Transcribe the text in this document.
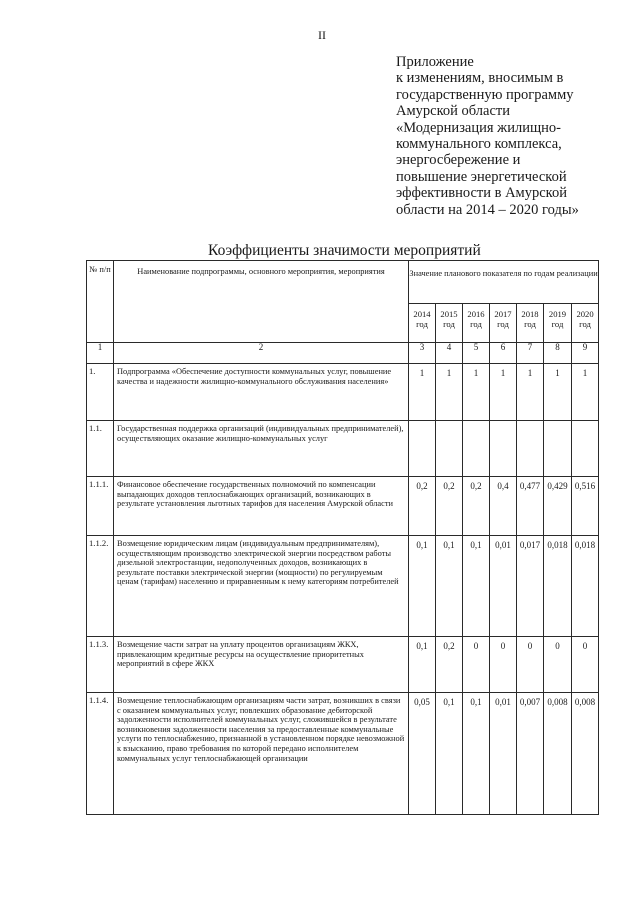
II
Приложение
к изменениям, вносимым в
государственную программу
Амурской области
«Модернизация жилищно-
коммунального комплекса,
энергосбережение и
повышение энергетической
эффективности в Амурской
области на 2014 – 2020 годы»
Коэффициенты значимости мероприятий
№ п/п	Наименование подпрограммы, основного мероприятия, мероприятия	Значение планового показателя по годам реализации						
		2014 год	2015 год	2016 год	2017 год	2018 год	2019 год	2020 год
1	2	3	4	5	6	7	8	9
1.	Подпрограмма «Обеспечение доступности коммунальных услуг, повышение качества и надежности жилищно-коммунального обслуживания населения»	1	1	1	1	1	1	1
1.1.	Государственная поддержка организаций (индивидуальных предпринимателей), осуществляющих оказание жилищно-коммунальных услуг							
1.1.1.	Финансовое обеспечение государственных полномочий по компенсации выпадающих доходов теплоснабжающих организаций, возникающих в результате установления льготных тарифов для населения Амурской области	0,2	0,2	0,2	0,4	0,477	0,429	0,516
1.1.2.	Возмещение юридическим лицам (индивидуальным предпринимателям), осуществляющим производство электрической энергии посредством работы дизельной электростанции, недополученных доходов, возникающих в результате поставки электрической энергии (мощности) по регулируемым ценам (тарифам) населению и приравненным к нему категориям потребителей	0,1	0,1	0,1	0,01	0,017	0,018	0,018
1.1.3.	Возмещение части затрат на уплату процентов организациям ЖКХ, привлекающим кредитные ресурсы на осуществление приоритетных мероприятий в сфере ЖКХ	0,1	0,2	0	0	0	0	0
1.1.4.	Возмещение теплоснабжающим организациям части затрат, возникших в связи с оказанием коммунальных услуг, повлекших образование дебиторской задолженности исполнителей коммунальных услуг, сложившейся в результате возникновения задолженности населения за предоставленные коммунальные услуги по теплоснабжению, признанной в установленном порядке невозможной к взысканию, право требования по которой передано исполнителем коммунальных услуг теплоснабжающей организации	0,05	0,1	0,1	0,01	0,007	0,008	0,008
